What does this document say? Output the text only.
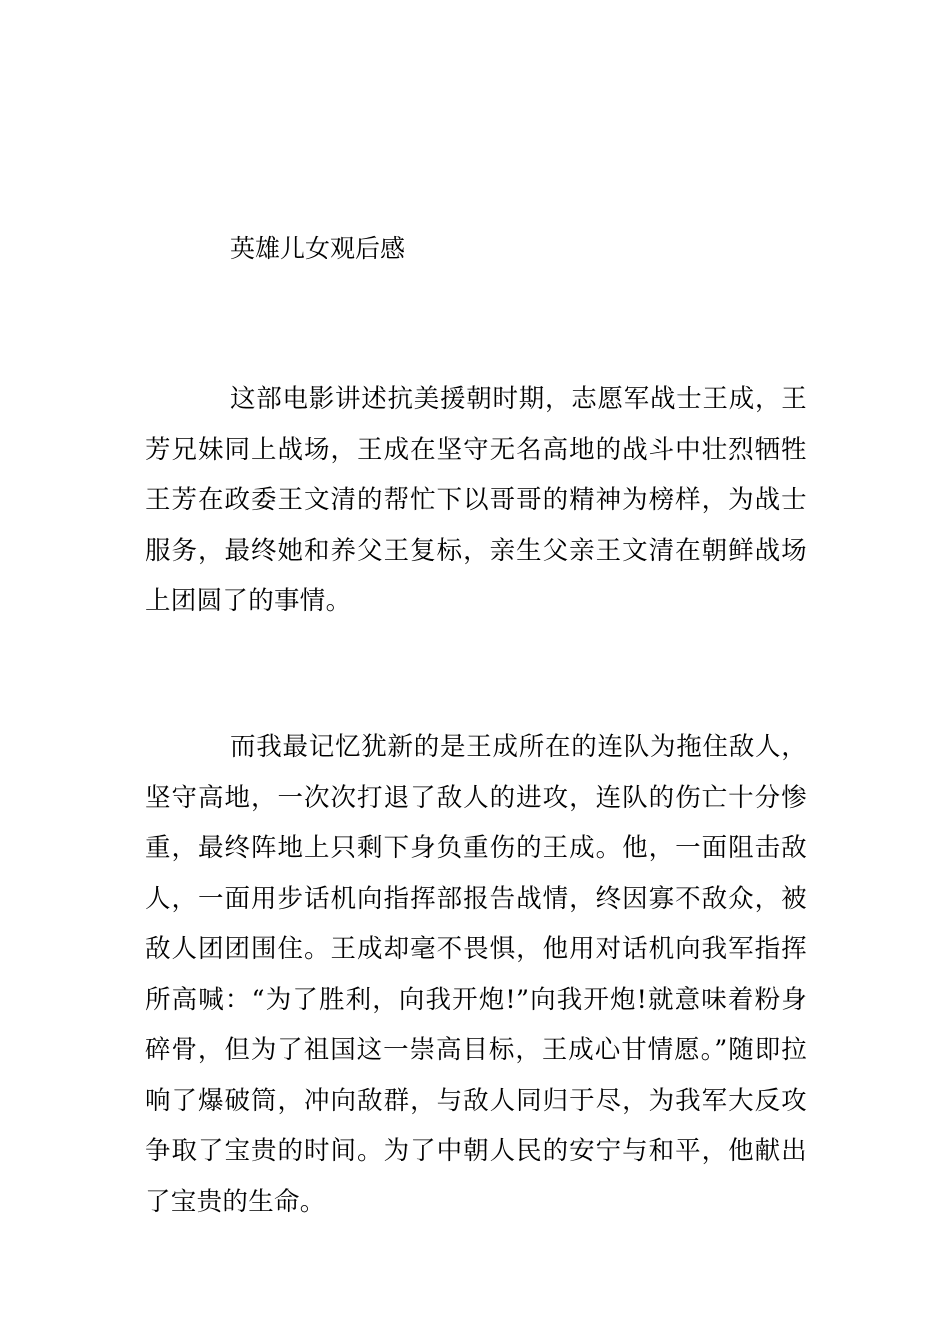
英雄儿女观后感

这部电影讲述抗美援朝时期，志愿军战士王成，王芳兄妹同上战场，王成在坚守无名高地的战斗中壮烈牺牲王芳在政委王文清的帮忙下以哥哥的精神为榜样，为战士服务，最终她和养父王复标，亲生父亲王文清在朝鲜战场上团圆了的事情。

而我最记忆犹新的是王成所在的连队为拖住敌人，坚守高地，一次次打退了敌人的进攻，连队的伤亡十分惨重，最终阵地上只剩下身负重伤的王成。他，一面阻击敌人，一面用步话机向指挥部报告战情，终因寡不敌众，被敌人团团围住。王成却毫不畏惧，他用对话机向我军指挥所高喊：“为了胜利，向我开炮!”向我开炮!就意味着粉身碎骨，但为了祖国这一崇高目标，王成心甘情愿。”随即拉响了爆破筒，冲向敌群，与敌人同归于尽，为我军大反攻争取了宝贵的时间。为了中朝人民的安宁与和平，他献出了宝贵的生命。
